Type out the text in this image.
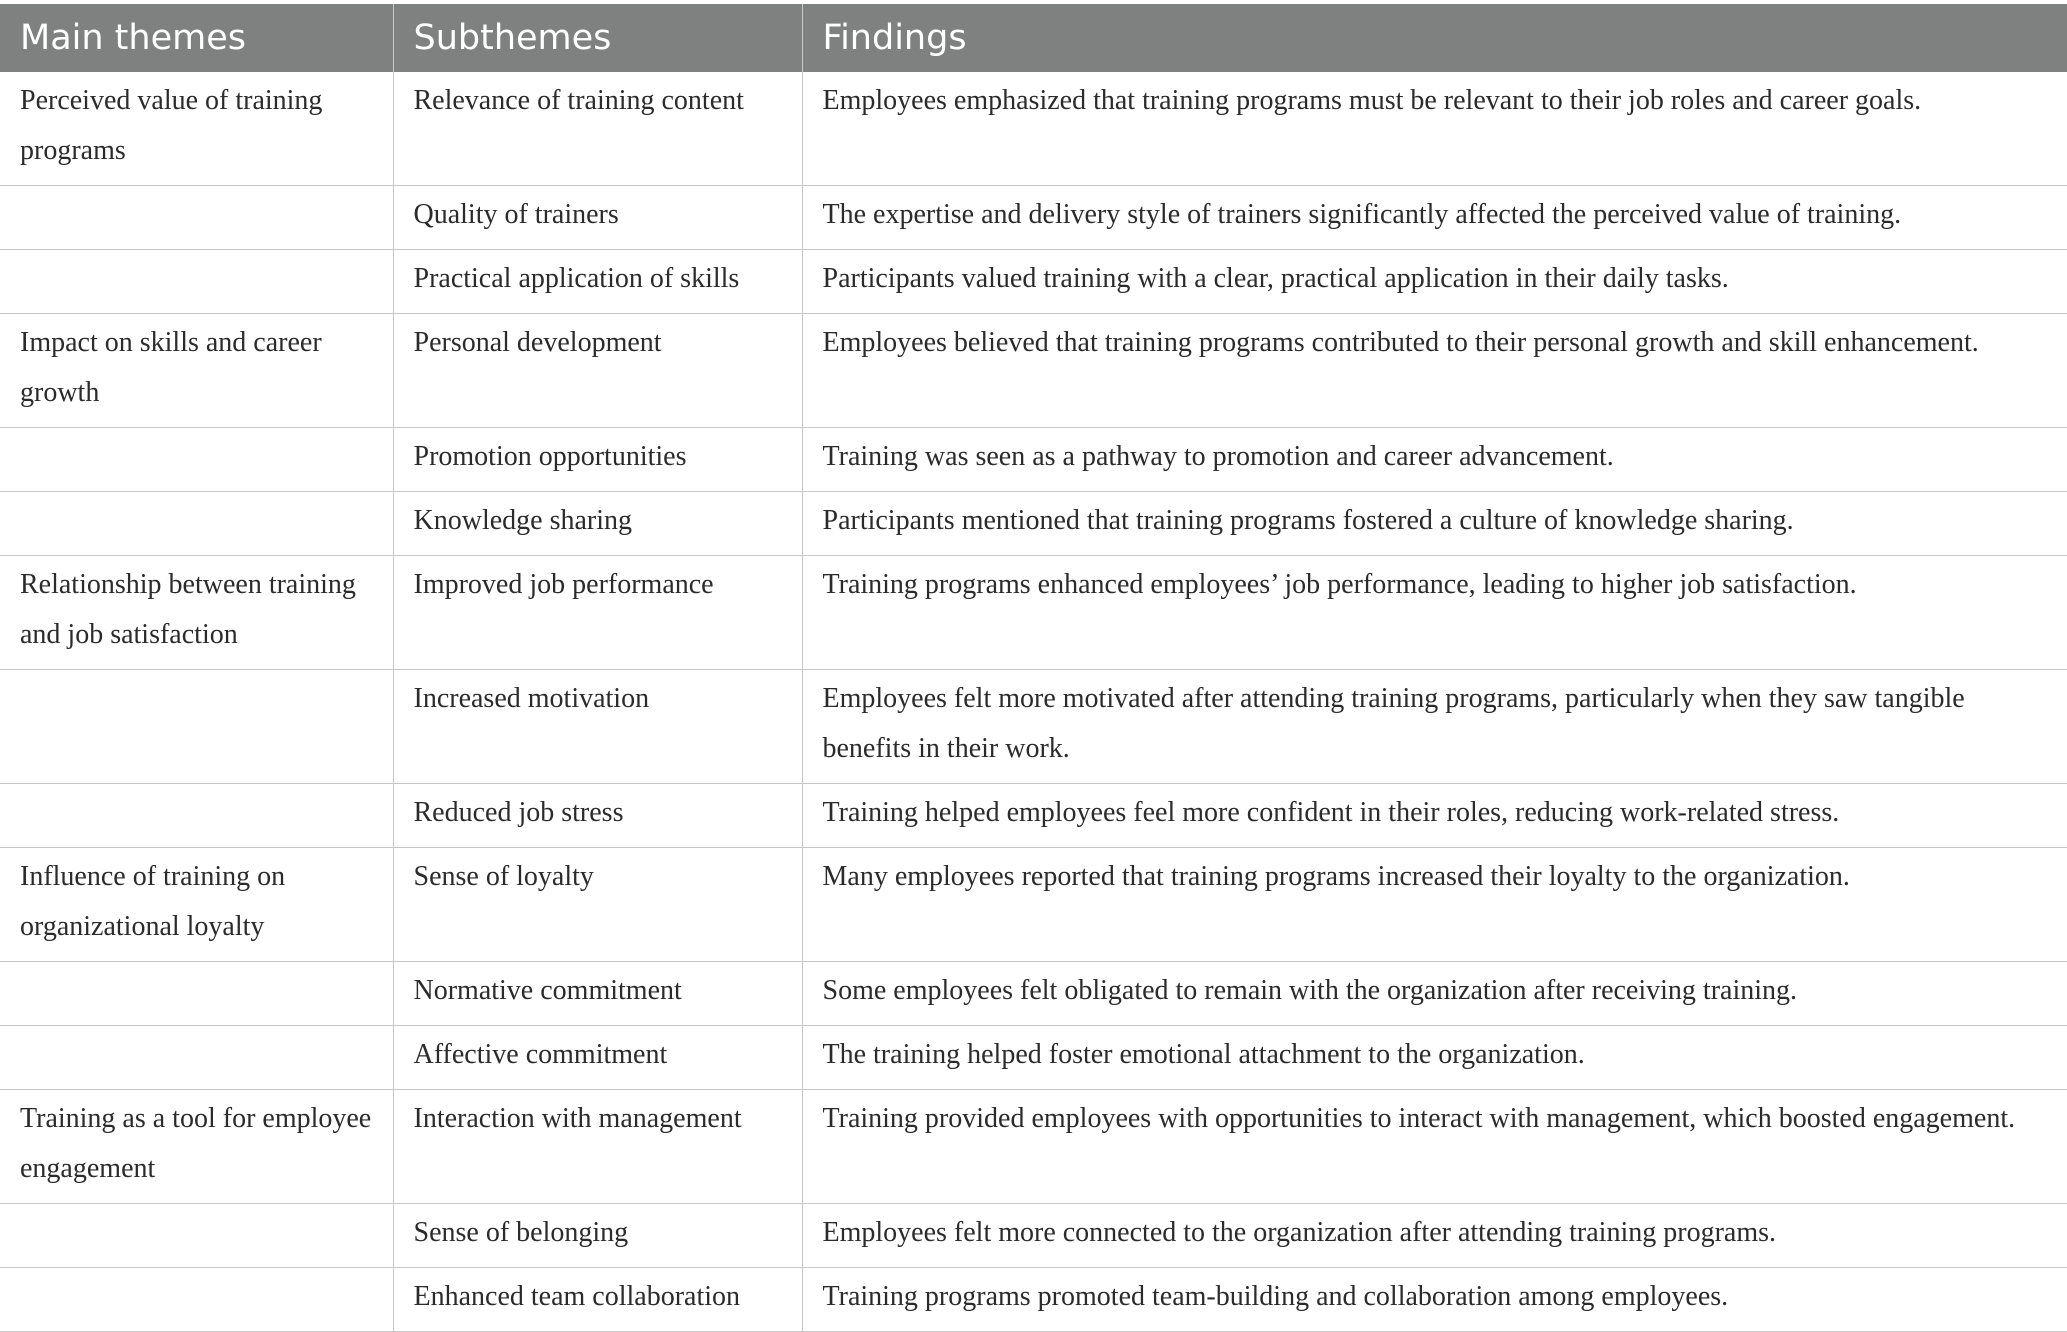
Main themes	Subthemes	Findings
Perceived value of training programs	Relevance of training content	Employees emphasized that training programs must be relevant to their job roles and career goals.
	Quality of trainers	The expertise and delivery style of trainers significantly affected the perceived value of training.
	Practical application of skills	Participants valued training with a clear, practical application in their daily tasks.
Impact on skills and career growth	Personal development	Employees believed that training programs contributed to their personal growth and skill enhancement.
	Promotion opportunities	Training was seen as a pathway to promotion and career advancement.
	Knowledge sharing	Participants mentioned that training programs fostered a culture of knowledge sharing.
Relationship between training and job satisfaction	Improved job performance	Training programs enhanced employees’ job performance, leading to higher job satisfaction.
	Increased motivation	Employees felt more motivated after attending training programs, particularly when they saw tangible benefits in their work.
	Reduced job stress	Training helped employees feel more confident in their roles, reducing work-related stress.
Influence of training on organizational loyalty	Sense of loyalty	Many employees reported that training programs increased their loyalty to the organization.
	Normative commitment	Some employees felt obligated to remain with the organization after receiving training.
	Affective commitment	The training helped foster emotional attachment to the organization.
Training as a tool for employee engagement	Interaction with management	Training provided employees with opportunities to interact with management, which boosted engagement.
	Sense of belonging	Employees felt more connected to the organization after attending training programs.
	Enhanced team collaboration	Training programs promoted team-building and collaboration among employees.
